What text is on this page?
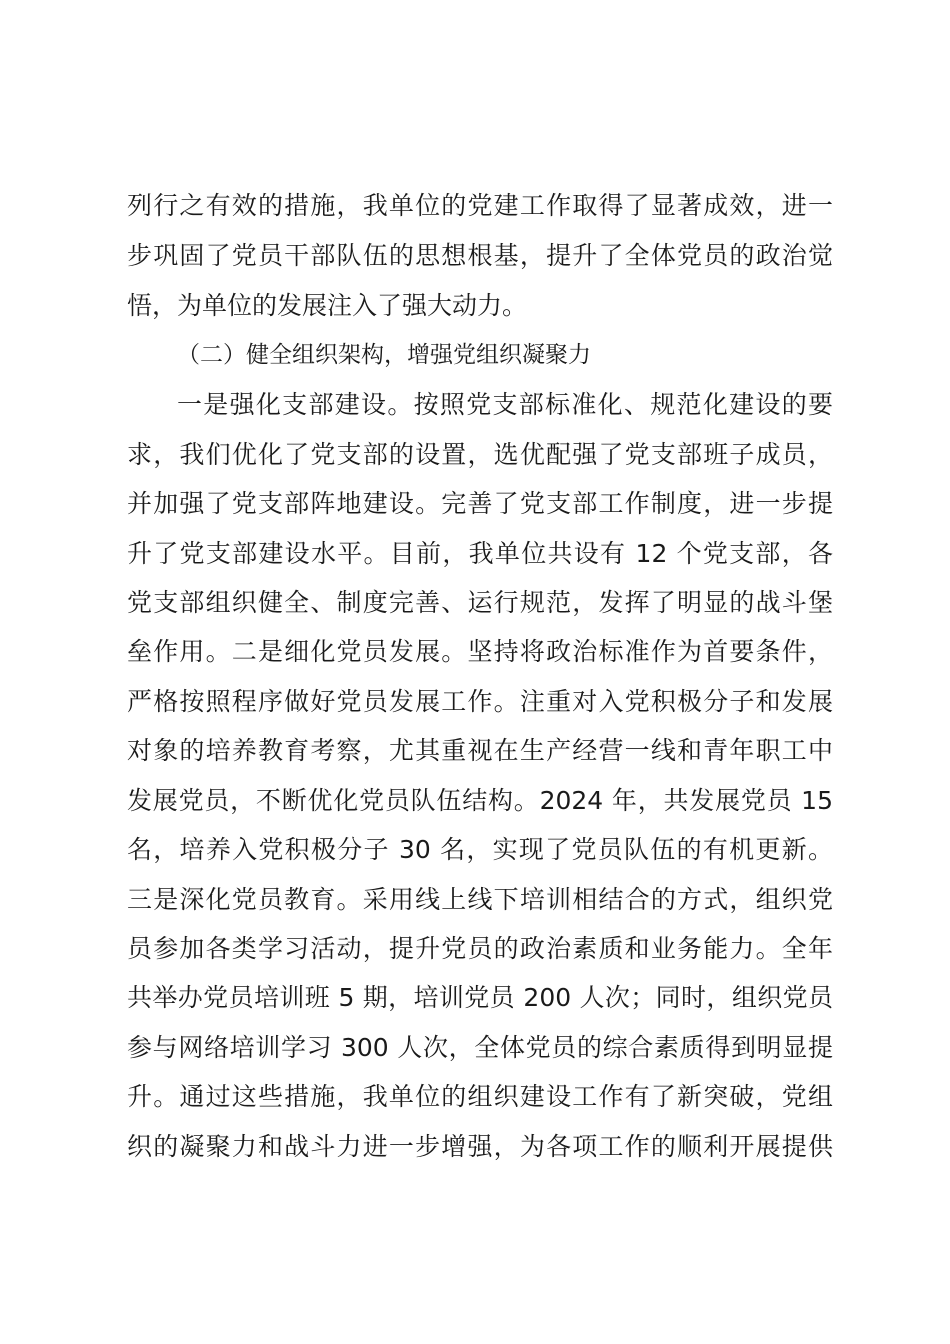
列行之有效的措施，我单位的党建工作取得了显著成效，进一
步巩固了党员干部队伍的思想根基，提升了全体党员的政治觉
悟，为单位的发展注入了强大动力。
（二）健全组织架构，增强党组织凝聚力
一是强化支部建设。按照党支部标准化、规范化建设的要
求，我们优化了党支部的设置，选优配强了党支部班子成员，
并加强了党支部阵地建设。完善了党支部工作制度，进一步提
升了党支部建设水平。目前，我单位共设有 12 个党支部，各
党支部组织健全、制度完善、运行规范，发挥了明显的战斗堡
垒作用。二是细化党员发展。坚持将政治标准作为首要条件，
严格按照程序做好党员发展工作。注重对入党积极分子和发展
对象的培养教育考察，尤其重视在生产经营一线和青年职工中
发展党员，不断优化党员队伍结构。2024 年，共发展党员 15
名，培养入党积极分子 30 名，实现了党员队伍的有机更新。
三是深化党员教育。采用线上线下培训相结合的方式，组织党
员参加各类学习活动，提升党员的政治素质和业务能力。全年
共举办党员培训班 5 期，培训党员 200 人次；同时，组织党员
参与网络培训学习 300 人次，全体党员的综合素质得到明显提
升。通过这些措施，我单位的组织建设工作有了新突破，党组
织的凝聚力和战斗力进一步增强，为各项工作的顺利开展提供
